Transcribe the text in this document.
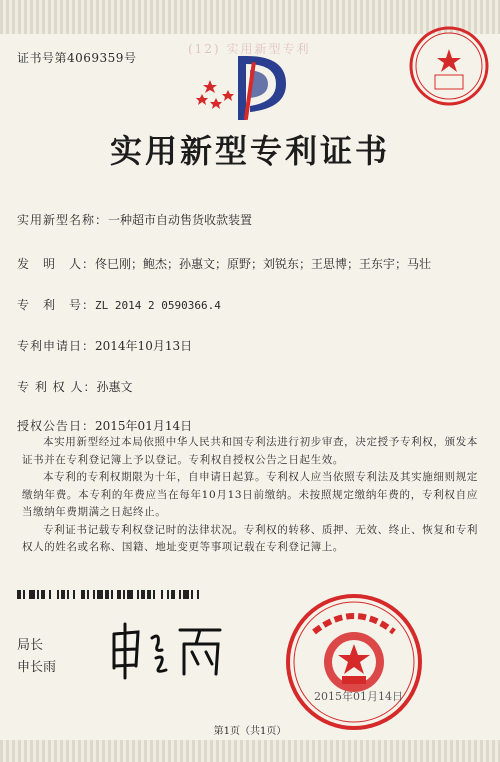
证书号第4069359号
(12) 实用新型专利
实用新型专利证书
实用新型名称：一种超市自动售货收款装置
发　明　人：佟巳刚；鲍杰；孙惠文；原野；刘锐东；王思博；王东宇；马壮
专　利　号：ZL 2014 2 0590366.4
专利申请日：2014年10月13日
专 利 权 人：孙惠文
授权公告日：2015年01月14日

本实用新型经过本局依照中华人民共和国专利法进行初步审查，决定授予专利权，颁发本证书并在专利登记簿上予以登记。专利权自授权公告之日起生效。

本专利的专利权期限为十年，自申请日起算。专利权人应当依照专利法及其实施细则规定缴纳年费。本专利的年费应当在每年10月13日前缴纳。未按照规定缴纳年费的，专利权自应当缴纳年费期满之日起终止。

专利证书记载专利权登记时的法律状况。专利权的转移、质押、无效、终止、恢复和专利权人的姓名或名称、国籍、地址变更等事项记载在专利登记簿上。

局长
申长雨
2015年01月14日
第1页（共1页）
